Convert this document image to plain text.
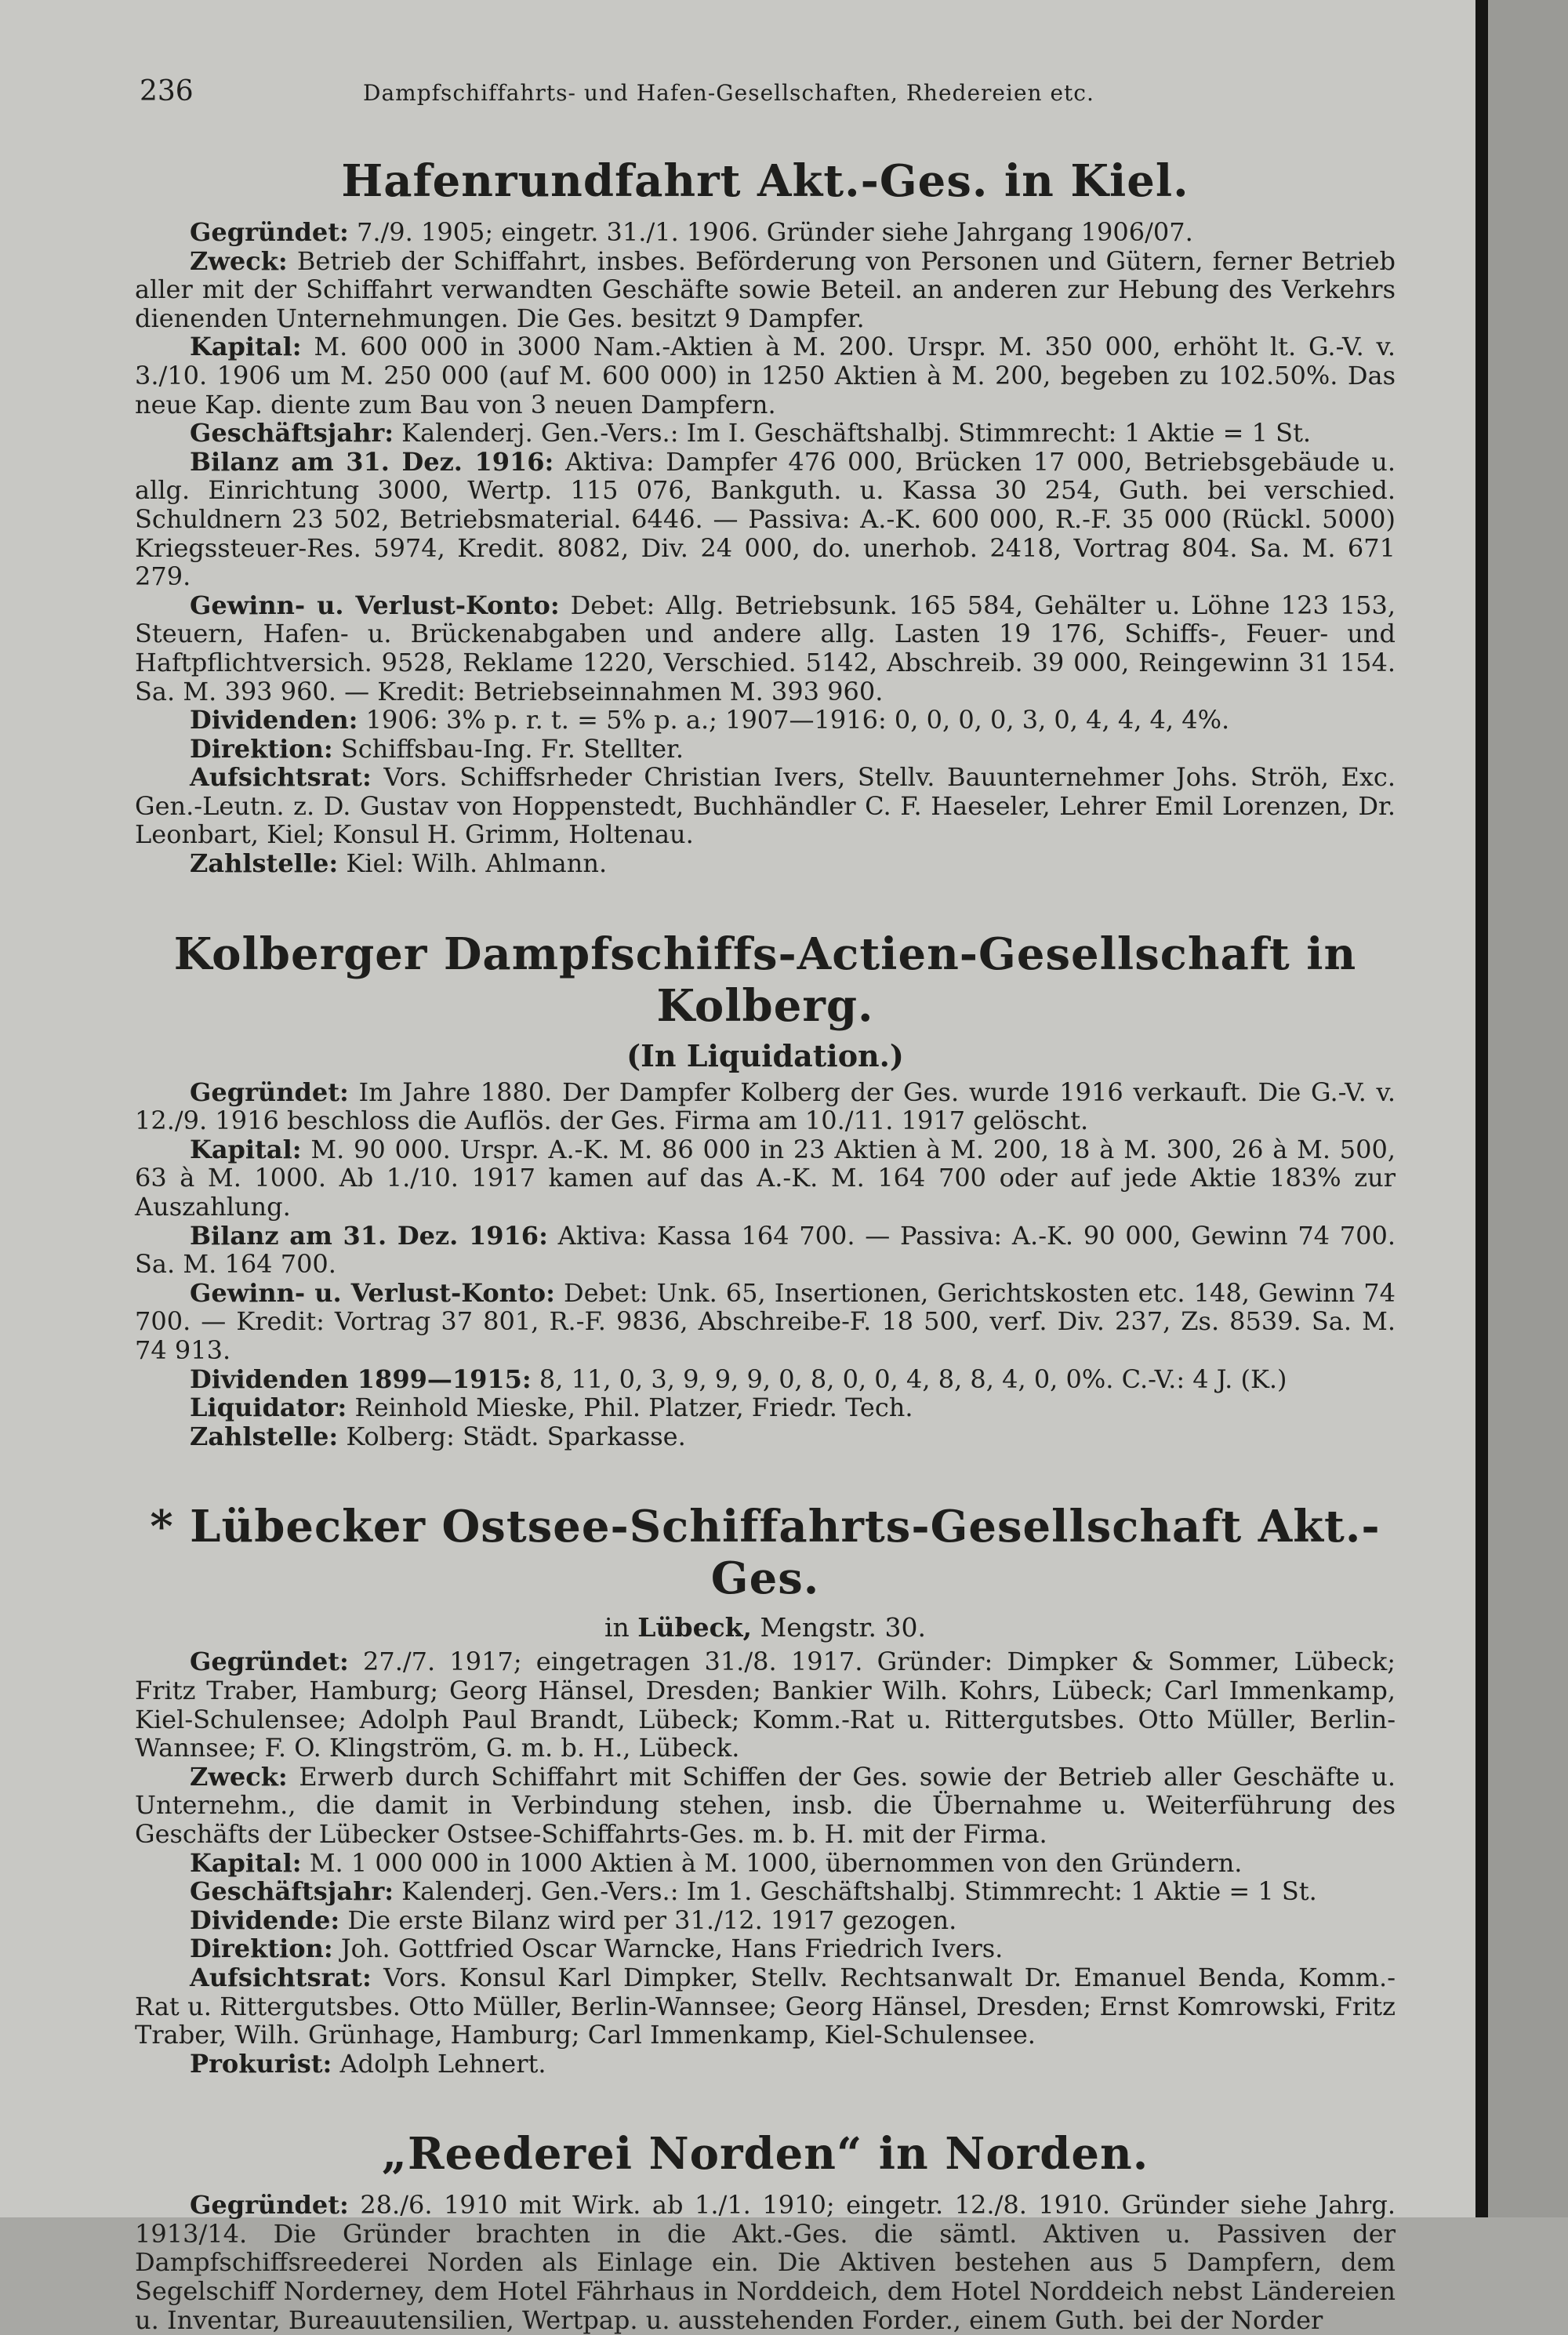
236	Dampfschiffahrts- und Hafen-Gesellschaften, Rhedereien etc.
Hafenrundfahrt Akt.-Ges. in Kiel.

Gegründet: 7./9. 1905; eingetr. 31./1. 1906. Gründer siehe Jahrgang 1906/07.

Zweck: Betrieb der Schiffahrt, insbes. Beförderung von Personen und Gütern, ferner Betrieb aller mit der Schiffahrt verwandten Geschäfte sowie Beteil. an anderen zur Hebung des Verkehrs dienenden Unternehmungen. Die Ges. besitzt 9 Dampfer.

Kapital: M. 600 000 in 3000 Nam.-Aktien à M. 200. Urspr. M. 350 000, erhöht lt. G.-V. v. 3./10. 1906 um M. 250 000 (auf M. 600 000) in 1250 Aktien à M. 200, begeben zu 102.50%. Das neue Kap. diente zum Bau von 3 neuen Dampfern.

Geschäftsjahr: Kalenderj. Gen.-Vers.: Im I. Geschäftshalbj. Stimmrecht: 1 Aktie = 1 St.

Bilanz am 31. Dez. 1916: Aktiva: Dampfer 476 000, Brücken 17 000, Betriebsgebäude u. allg. Einrichtung 3000, Wertp. 115 076, Bankguth. u. Kassa 30 254, Guth. bei verschied. Schuldnern 23 502, Betriebsmaterial. 6446. — Passiva: A.-K. 600 000, R.-F. 35 000 (Rückl. 5000) Kriegssteuer-Res. 5974, Kredit. 8082, Div. 24 000, do. unerhob. 2418, Vortrag 804. Sa. M. 671 279.

Gewinn- u. Verlust-Konto: Debet: Allg. Betriebsunk. 165 584, Gehälter u. Löhne 123 153, Steuern, Hafen- u. Brückenabgaben und andere allg. Lasten 19 176, Schiffs-, Feuer- und Haftpflichtversich. 9528, Reklame 1220, Verschied. 5142, Abschreib. 39 000, Reingewinn 31 154. Sa. M. 393 960. — Kredit: Betriebseinnahmen M. 393 960.

Dividenden: 1906: 3% p. r. t. = 5% p. a.; 1907—1916: 0, 0, 0, 0, 3, 0, 4, 4, 4, 4%.

Direktion: Schiffsbau-Ing. Fr. Stellter.

Aufsichtsrat: Vors. Schiffsrheder Christian Ivers, Stellv. Bauunternehmer Johs. Ströh, Exc. Gen.-Leutn. z. D. Gustav von Hoppenstedt, Buchhändler C. F. Haeseler, Lehrer Emil Lorenzen, Dr. Leonbart, Kiel; Konsul H. Grimm, Holtenau.

Zahlstelle: Kiel: Wilh. Ahlmann.

Kolberger Dampfschiffs-Actien-Gesellschaft in Kolberg.
(In Liquidation.)

Gegründet: Im Jahre 1880. Der Dampfer Kolberg der Ges. wurde 1916 verkauft. Die G.-V. v. 12./9. 1916 beschloss die Auflös. der Ges. Firma am 10./11. 1917 gelöscht.

Kapital: M. 90 000. Urspr. A.-K. M. 86 000 in 23 Aktien à M. 200, 18 à M. 300, 26 à M. 500, 63 à M. 1000. Ab 1./10. 1917 kamen auf das A.-K. M. 164 700 oder auf jede Aktie 183% zur Auszahlung.

Bilanz am 31. Dez. 1916: Aktiva: Kassa 164 700. — Passiva: A.-K. 90 000, Gewinn 74 700. Sa. M. 164 700.

Gewinn- u. Verlust-Konto: Debet: Unk. 65, Insertionen, Gerichtskosten etc. 148, Gewinn 74 700. — Kredit: Vortrag 37 801, R.-F. 9836, Abschreibe-F. 18 500, verf. Div. 237, Zs. 8539. Sa. M. 74 913.

Dividenden 1899—1915: 8, 11, 0, 3, 9, 9, 9, 0, 8, 0, 0, 4, 8, 8, 4, 0, 0%. C.-V.: 4 J. (K.)

Liquidator: Reinhold Mieske, Phil. Platzer, Friedr. Tech.

Zahlstelle: Kolberg: Städt. Sparkasse.

* Lübecker Ostsee-Schiffahrts-Gesellschaft Akt.-Ges.
in Lübeck, Mengstr. 30.

Gegründet: 27./7. 1917; eingetragen 31./8. 1917. Gründer: Dimpker & Sommer, Lübeck; Fritz Traber, Hamburg; Georg Hänsel, Dresden; Bankier Wilh. Kohrs, Lübeck; Carl Immenkamp, Kiel-Schulensee; Adolph Paul Brandt, Lübeck; Komm.-Rat u. Rittergutsbes. Otto Müller, Berlin-Wannsee; F. O. Klingström, G. m. b. H., Lübeck.

Zweck: Erwerb durch Schiffahrt mit Schiffen der Ges. sowie der Betrieb aller Geschäfte u. Unternehm., die damit in Verbindung stehen, insb. die Übernahme u. Weiterführung des Geschäfts der Lübecker Ostsee-Schiffahrts-Ges. m. b. H. mit der Firma.

Kapital: M. 1 000 000 in 1000 Aktien à M. 1000, übernommen von den Gründern.

Geschäftsjahr: Kalenderj. Gen.-Vers.: Im 1. Geschäftshalbj. Stimmrecht: 1 Aktie = 1 St.

Dividende: Die erste Bilanz wird per 31./12. 1917 gezogen.

Direktion: Joh. Gottfried Oscar Warncke, Hans Friedrich Ivers.

Aufsichtsrat: Vors. Konsul Karl Dimpker, Stellv. Rechtsanwalt Dr. Emanuel Benda, Komm.-Rat u. Rittergutsbes. Otto Müller, Berlin-Wannsee; Georg Hänsel, Dresden; Ernst Komrowski, Fritz Traber, Wilh. Grünhage, Hamburg; Carl Immenkamp, Kiel-Schulensee.

Prokurist: Adolph Lehnert.

„Reederei Norden“ in Norden.

Gegründet: 28./6. 1910 mit Wirk. ab 1./1. 1910; eingetr. 12./8. 1910. Gründer siehe Jahrg. 1913/14. Die Gründer brachten in die Akt.-Ges. die sämtl. Aktiven u. Passiven der Dampfschiffsreederei Norden als Einlage ein. Die Aktiven bestehen aus 5 Dampfern, dem Segelschiff Norderney, dem Hotel Fährhaus in Norddeich, dem Hotel Norddeich nebst Ländereien u. Inventar, Bureauutensilien, Wertpap. u. ausstehenden Forder., einem Guth. bei der Norder
